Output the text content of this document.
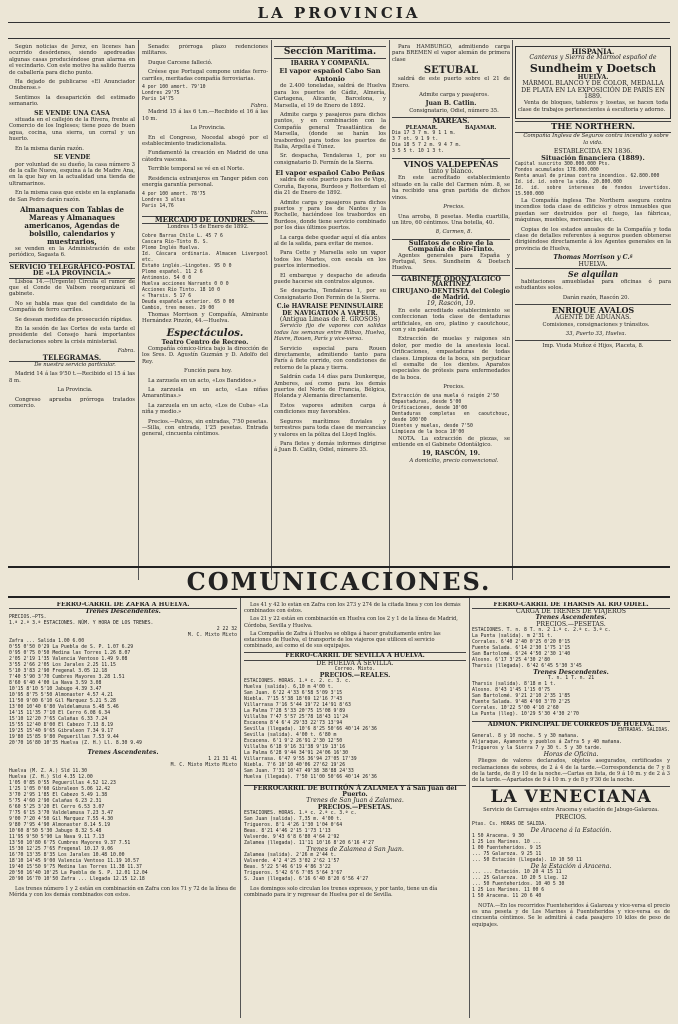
LA PROVINCIA

Según noticias de Jerez, en lícenes han ocurrido desórdenes, siendo apedreadas algunas casas produciéndose gran alarma en el vecindario. Con este motivo ha salido fuerza de caballería para dicho punto.

Ha dejado de publicarse «El Anunciador Onubense.»

Sentimos la desaparición del estimado semanario.

SE VENDE UNA CASA

situada en el callejón de la Rivera, frente al Comercio de los Ingleses; tiene pozo de buen agua, cocina, una sierra, un corral y un huerto.

En la misma darán razón.

SE VENDE

por voluntad de su dueño, la casa número 3 de la calle Nueva, esquina á la de Madre Ana, en la que hay en la actualidad una tienda de ultramarinos.

En la misma casa que existe en la explanada de San Pedro darán razón.

Almanaques con Tablas de Mareas y Almanaques americanos, Agendas de bolsillo, calendarios y muestrarios,

se venden en la Administración de este periódico, Sagasta 6.

SERVICIO TELEGRÁFICO-POSTAL DE «LA PROVINCIA.»

Lisboa 14.—(Urgente) Circula el rumor de que el Conde de Valbom reorganizará el gabinete.

No se habla mas que del candidato de la Compañía de ferro carriles.

Se desean medidas de prosecución rápidas.

En la sesión de las Cortes de esta tarde el presidente del Consejo hará importantes declaraciones sobre la crisis ministerial.

Fabra.
TELEGRAMAS.

De nuestra servicio particular.

Madrid 14 á las 9'50 t.—Recibido el 15 á las 8 m.

La Provincia.

Congreso aprueba prórroga tratados comercio.

Senado: prórroga plazo redenciones militares.

Duque Carcene falleció.

Créese que Portugal compone unidas ferro-carriles, meritadas compañía ferroviarias.

4 por 100 amort. 79'10
Londres 29'75
Paris 14'75
Fabra.

Madrid 15 á las 6 t.m.—Recibido el 16 á las 10 m.

La Provincia.

En el Congreso, Nocedal abogó por el establecimiento tradicionalista.

Fundamentó la creación en Madrid de una cátedra vascona.

Terrible temporal se vé en el Norte.

Residencia extranjeros en Tanger piden con energía garantía personal.

4 por 100 amort. 78'75
Londres 3 altas
Paris 14,76
Fabra.
MERCADO DE LONDRES.

Londres 15 de Enero de 1892.

Cobre Barras Chile L. 45 7 6
Cascara Río-Tinto B. S.
Plomo Inglés Huelva.
Id. Cáscara ordinaria. Almacen Liverpool etc.
Estaño inglés.—Lingotes. 95 0 0
Plomo español. 11 2 6
Antimonio. 54 0 0
Huelva acciones Warrants 0 0 0
Acciones Río Tinto. 18 10 0
« Tharsis. 5 17 6
Deuda española exterior. 65 0 00
Cambio, tres meses. 29 00

Thomas Morrison y Compañía, Almirante Hernández Pinzón, 44.—Huelva.

Espectáculos.
Teatro Centro de Recreo.

Compañía cómico-lírica bajo la dirección de los Sres. D. Agustín Guzmán y D. Adolfo del Rey.

Función para hoy.

La zarzuela en un acto, «Los Bandidos.»

La zarzuela en un acto, «Las niñas Amarantinas.»

La zarzuela en un acto, «Los de Cuba» «La niña y medio.»

Precios.—Palcos, sin entradas, 7'50 pesetas.—Silla, con entrada, 1'25 pesetas. Entrada general, cincuenta céntimos.

Sección Marítima.
IBARRA Y COMPAÑÍA.
El vapor español Cabo San Antonio

de 2.400 toneladas, saldrá de Huelva para los puertos de Cádiz, Almería, Cartagena, Alicante, Barcelona, y Marsella, el 19 de Enero de 1892.

Admite carga y pasajeros para dichos puntos, y en combinación con la Compañía general Trasatlántica de Marsella, (donde se harán los trasbordos) para todos los puertos de Italia, Argelia é Túnez.

Sr. despacha, Tendaleras 1, por su consignatario D. Fermín de la Sierra.

El vapor español Cabo Peñas

saldrá de este puerto para los de Vigo, Coruña, Bayona, Burdeos y Rotterdam el día 21 de Enero de 1892.

Admite carga y pasajeros para dichos puertos y para los de Nantes y la Rochelle, haciéndose los trasbordos en Burdeos, donde tiene servicio combinado por los días últimos puertos.

La carga debe quedar aquí el día antes al de la salida, para evitar de menos.

Para Cette y Marsella solo un vapor todos los Martes, con escala en los puertos intermedios.

El embarque y despacho de adeuda puede hacerse sin contratos algunos.

Se despacha, Tendaleras 1, por su Consignatario Don Fermín de la Sierra.

C.ie HAVRAISE PENINSULAIRE DE NAVIGATION A VAPEUR.
(Antigua Lineas de E. GROSOS)

Servicio fijo de vapores con salidas todas las semanas entre Bilbao, Huelva, Havre, Rouen, París y vice-versa.

Servicio especial para Rouen directamente, admitiendo tanto para París á flete corrido, con condiciones de retorno de la plaza y tierra.

Saldrán cada 14 días para Dunkerque, Amberes, así como para los demás puertos del Norte de Francia, Bélgica, Holanda y Alemania directamente.

Estos vapores admiten carga á condiciones muy favorables.

Seguros marítimos fluviales y terrestres para toda clase de mercancías y valores en la póliza del Lloyd Inglés.

Para fletes y demás informes dirigirse á Juan B. Catlin, Odiel, número 35.

Para HAMBURGO, admitiendo carga para BREMEN el vapor alemán de primera clase

SETUBAL

saldrá de este puerto sobre el 21 de Enero.

Admite carga y pasajeros.

Juan B. Catlin.

Consignatario, Odiel, número 35.

MAREAS.
PLEAMAR.	BAJAMAR.
Dia 17 3 7 m. 9 1 1 m.
3 7 ot. 9 1 9 t.
Dia 18 5 7 2 m. 9 4 7 m.
3 5 5 t. 10 1 3 t.
VINOS VALDEPEÑAS
tinto y blanco.

En este acreditado establecimiento situado en la calle del Carmen núm. 8, se ha recibido una gran partida de dichos vinos.

Precios.

Una arroba, 8 pesetas. Media cuartilla, un litro, 60 céntimos. Una botella, 40.

8, Carmen, 8.

Sulfatos de cobre de la Compañía de Río-Tinto.

Agentes generales para España y Portugal, Sres. Sundheim & Doetsch Huelva.

GABINETE ODONTÁLGICO
MARTÍNEZ
CIRUJANO-DENTISTA del Colegio de Madrid.
19, Rascón, 19.

En este acreditado establecimiento se confeccionan toda clase de dentaduras artificiales, en oro, platino y caoutchouc, con y sin paladar.

Extracción de muelas y raigones sin dolor, por medio de la anestesia local. Orificaciones, empastaduras de todas clases. Limpieza de la boca, sin perjudicar el esmalte de los dientes. Aparatos especiales de prótesis para enfermedades de la boca.

Precios.

Extracción de una muela ó raigón 2'50
Empastaduras, desde 5'00
Orificaciones, desde 10'00
Dentaduras completas en caoutchouc, desde 100'00
Dientes y muelas, desde 7'50
Limpieza de la boca 10'00

NOTA. La extracción de piezas, se entiende en el Gabinete Odontálgico.

19, RASCÓN, 19.

A domicilio, precio convencional.

HISPANIA.
Canteras y Sierra de Mármol español de
Sundheim y Doetsch
HUELVA.
MÁRMOL BLANCO Y DE COLOR, MEDALLA DE PLATA EN LA EXPOSICIÓN DE PARÍS EN 1889.

Venta de bloques, tableros y losetas, se hacen toda clase de trabajos pertenecientes á escultoria y adorno.

THE NORTHERN.

Compañía Inglesa de Seguros contra incendio y sobre la vida.

ESTABLECIDA EN 1836.
Situación financiera (1889).
Capital suscrito 300.000.000 Pts.
Fondos acumulados 178.000.000
Renta anual de primas contra incendios. 62.800.000
Id. id. id. sobre la vida. 20.800.000
Id. id. sobre intereses de fondos invertidos. 15.500.000

La Compañía inglesa The Northern asegura contra incendios toda clase de edificios y otros inmuebles que puedan ser destruidos por el fuego, las fábricas, máquinas, muebles, mercancías, etc.

Copias de los estados anuales de la Compañía y toda clase de detalles referentes á seguros pueden obtenerse dirigiéndose directamente á los Agentes generales en la provincia de Huelva,

Thomas Morrison y C.ª
HUELVA.
Se alquilan

habitaciones amuebladas para oficinas ó para estudiantes solos.

Darán razón, Rascón 20.

ENRIQUE AVALOS
AGENTE DE ADUANAS.

Comisiones, consignaciones y tránsitos.

33, Puerto 33, Huelva.

Imp. Viuda Muñoz é Hijos, Placeta, 8.
COMUNICACIONES.
FERRO-CARRIL DE ZAFRA A HUELVA.
Trenes Descendentes.
PRECIOS.—PTS.
1.ª 2.ª 3.ª ESTACIONES. NÚM. Y HORA DE LOS TRENES.
2 22 32
M. C. Mixto Mixto
Zafra ... Salida 1.00 6.00
0'55 0'50 0'29 La Puebla de S. P. 1.07 6.29
0'95 0'75 0'50 Medina las Torres 1.26 8.07
2'05 2'19 1'35 Valencia Ventoso 1.49 9.08
3'55 2'66 2'05 Los Jarales 2.25 11.15
5'10 3'83 2'90 Fregenal 3.05 12.18
7'40 5'90 3'70 Cumbres Mayores 3.28 1.51
8'60 6'40 4'00 La Nava 3.59 3.08
10'15 8'10 5'10 Jabugo 4.39 3.47
10'95 8'75 5'50 Almonaster 4.57 4.21
11'50 9'00 6'10 Gil Marquez 5.21 5.28
13'00 10'40 6'80 Valdelamusa 5.48 5.46
14'15 11'35 7'10 El Cerro 6.08 6.34
15'10 12'20 7'65 Calañas 6.33 7.24
15'55 12'40 8'00 El Cabezo 7.13 8.19
19'25 15'40 9'65 Gibraleon 7.34 9.17
19'80 15'85 9'80 Peguerillas 7.53 9.44
20'70 16'80 10'35 Huelva (Z. H.) Ll. 8.30 9.49
Trenes Ascendentes.
1 21 31 41
M. C. Mixto Mixto Mixto
Huelva (M. Z. A.) Sld 11.30
Huelva (Z. H.) Sld 4.35 12.00
1'05 0'85 0'55 Peguerillas 4.52 12.23
1'25 1'05 0'60 Gibraleon 5.06 12.42
3'70 2'95 1'85 El Cabezo 5.49 1.38
5'75 4'60 2'90 Calañas 6.23 2.31
6'60 5'25 3'20 El Cerro 6.53 3.07
7'75 6'15 3'70 Valdelamusa 7.23 3.47
9'00 7'20 4'50 Gil Marquez 7.55 4.30
9'80 7'95 4'90 Almonaster 8.14 5.19
10'60 8'50 5'30 Jabugo 8.32 5.48
11'95 9'50 5'90 La Nava 9.11 7.13
13'50 10'80 6'75 Cumbres Mayores 9.37 7.51
15'30 12'25 7'65 Fregenal 10.17 9.06
16'70 13'35 8'35 Los Jarales 10.48 10.00
18'10 14'45 9'00 Valencia Ventoso 11.19 10.57
19'40 15'50 9'75 Medina las Torres 11.38 11.37
20'50 16'40 10'25 La Puebla de S. P. 12.01 12.04
20'90 16'70 10'50 Zafra ... Llegada 12.15 12.18

Los trenes número 1 y 2 están en combinación en Zafra con los 71 y 72 de la línea de Mérida y con los demás combinados con estos.

Los 41 y 42 lo están en Zafra con los 273 y 274 de la citada línea y con los demás combinados con éstos.

Los 21 y 22 están en combinación en Huelva con los 2 y 1 de la línea de Madrid, Córdoba, Sevilla y Huelva.

La Compañía de Zafra á Huelva se obliga á hacer gratuitamente entre las estaciones de Huelva, el transporte de los viajeros que utilicen el servicio combinado, así como el de sus equipajes.

FERRO-CARRIL DE SEVILLA A HUELVA.
DE HUELVA Á SEVILLA.
Correo. Mixto.
PRECIOS.—REALES.
ESTACIONES. HORAS. 1.ª c. 2. c. 3. c.
Huelva (salida). 6,10 m 4'00 t.
San Juan. 6'22 4'33 6'58 5'09 3'15
Niebla. 7'15 5'38 18'69 12'16 7'43
Villarrasa 7'16 5'44 19'72 14'91 8'63
La Palma 7'28 5'33 20'75 15'08 9'89
Villalba 7'47 5'57 25'78 18'43 11'24
Escacena 8'4 6'4 29'33 22'73 13'94
Sevilla (llegada). 10'6 8'25 50'66 40'14 26'36
Sevilla (salida). 4'00 t. 6'80 m
Escacena. 6'1 9'2 26'91 2'30 12'50
Villalba 6'18 9'16 31'38 9'19 13'16
La Palma 6'28 9'44 34'91 24'06 16'30
Villarrasa. 6'47 9'55 36'94 27'05 17'39
Niebla. 7'6 10'10 40'06 27'62 19'26
San Juan. 7'31 10'47 49'38 38'88 24'33
Huelva (llegada). 7'50 11'00 50'66 40'14 26'36
FERROCARRIL DE BUITRÓN Á ZALAMEA Y á San Juan del Puerto.
Trenes de San Juan á Zalamea.
PRECIOS.—PESETAS.
ESTACIONES. HORAS. 1.ª c. 2.ª c. 3.ª c.
San Juan (salida). 7,35 m. 4'00 t.
Trigueros. 8'1 4'26 1'30 1'04 0'64
Beas. 8'21 4'46 2'15 1'73 1'13
Valverde. 9'43 6'8 6'80 4'64 2'92
Zalamea (llegada). 11'11 10'16 8'20 6'16 4'27
Trenes de Zalamea á San Juan.
Zalamea (salida). 2'26 m 2'44 t.
Valverde. 4'2 4'25 3'02 2'62 1'57
Beas. 5'22 5'46 6'19 4'86 3'22
Trigueros. 5'42 6'6 7'05 5'64 3'67
S. Juan (llegada). 6'16 6'40 8'20 6'56 4'27

Los domingos solo circulan los trenes expresos, y por tanto, tiene un día combinado para ir y regresar de Huelva por el de Sevilla.

FERRO-CARRIL DE THARSIS AL RIO ODIEL.
CARGA DE TRENES DE VIAJEROS
Trenes Ascendentes.
PRECIOS.—PESETAS.
ESTACIONES. T. n. 8 T. n. 2 1.ª c. 2.ª c. 3.ª c.
La Punta (salida). m 2'31 t.
Corrales. 6'40 2'40 0'25 0'20 0'15
Fuente Salada. 6'14 2'30 1'75 1'15
San Bartolomé. 6'24 4'50 2'30 1'40
Alosno. 6'17 3'25 4'30 2'80
Tharsis (llegada). 6'42 6'45 5'30 3'45
Trenes Descendentes.
T. n. 1 T. n. 21
Tharsis (salida). 8'18 m 1 t.
Alosno. 8'43 1'45 1'15 0'75
San Bartolomé. 9'21 2'10 2'35 1'85
Fuente Salada. 9'48 4'60 3'70 2'25
Corrales. 10'22 5'00 4'10 2'60
La Punta (lleg). 10'29 5'30 4'30 2'70
ADMON. PRINCIPAL DE CORREOS DE HUELVA.
ENTRADAS. SALIDAS.
General. 8 y 10 noche. 5 y 30 mañana.
Aljaraque, Ayamonte y pueblos á Zafra 5 y 40 mañana.
Trigueros y la Sierra 7 y 30 t. 5 y 30 tarde.
Horas de Oficina.

Pliegos de valores declarados, objetos asegurados, certificados y reclamaciones de sobres, de 2 á 4 de la tarde.—Correspondencia de 7 y 8 de la tarde, de 8 y 10 de la noche.—Cartas en lista, de 9 á 10 m. y de 2 á 3 de la tarde.—Apartados de 9 á 10 m. y de 8 y 9'30 de la noche.

LA VENECIANA

Servicio de Carruajes entre Aracena y estación de Jabugo-Galaroza.

PRECIOS.
Ptas. Cs. HORAS DE SALIDA.
De Aracena á la Estación.
1 50 Aracena. 9 30
1 25 Los Marines. 10 ...
1 00 Fuenteheridos. 9 15
... 75 Galaroza. 9 25 11
... 50 Estación (Llegada). 10 10 50 11
De la Estación á Aracena.
... ... Estación. 10 20 4 15 11
... 25 Galaroza. 10 20 5 Lleg. 12
... 50 Fuenteheridos. 10 40 5 30
1 25 Los Marines. 11 00 6
1 50 Aracena. 11 20 6 40

NOTA.—En los recorridos Fuenteheridos á Galaroza y vice-versa el precio es una peseta y de Los Marines á Fuenteheridos y vice-versa es de cincuenta céntimos. Se le admitirá á cada pasajero 10 kilos de peso de equipajes.
